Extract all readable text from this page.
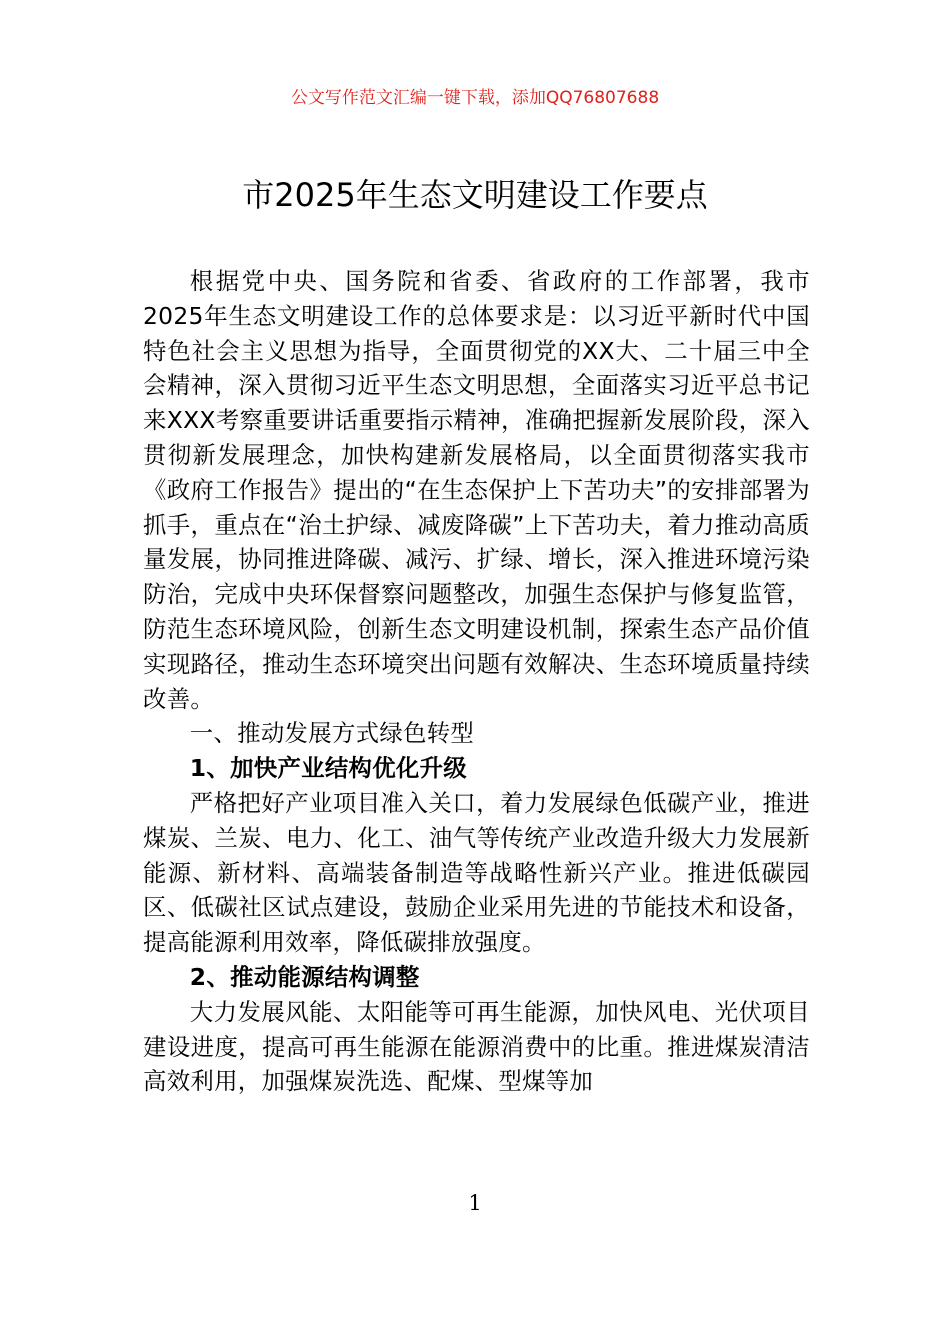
公文写作范文汇编一键下载，添加QQ76807688
市2025年生态文明建设工作要点

根据党中央、国务院和省委、省政府的工作部署，我市2025年生态文明建设工作的总体要求是：以习近平新时代中国特色社会主义思想为指导，全面贯彻党的XX大、二十届三中全会精神，深入贯彻习近平生态文明思想，全面落实习近平总书记来XXX考察重要讲话重要指示精神，准确把握新发展阶段，深入贯彻新发展理念，加快构建新发展格局，以全面贯彻落实我市《政府工作报告》提出的“在生态保护上下苦功夫”的安排部署为抓手，重点在“治土护绿、减废降碳”上下苦功夫，着力推动高质量发展，协同推进降碳、减污、扩绿、增长，深入推进环境污染防治，完成中央环保督察问题整改，加强生态保护与修复监管，防范生态环境风险，创新生态文明建设机制，探索生态产品价值实现路径，推动生态环境突出问题有效解决、生态环境质量持续改善。

一、推动发展方式绿色转型

1、加快产业结构优化升级

严格把好产业项目准入关口，着力发展绿色低碳产业，推进煤炭、兰炭、电力、化工、油气等传统产业改造升级大力发展新能源、新材料、高端装备制造等战略性新兴产业。推进低碳园区、低碳社区试点建设，鼓励企业采用先进的节能技术和设备，提高能源利用效率，降低碳排放强度。

2、推动能源结构调整

大力发展风能、太阳能等可再生能源，加快风电、光伏项目建设进度，提高可再生能源在能源消费中的比重。推进煤炭清洁高效利用，加强煤炭洗选、配煤、型煤等加

1
